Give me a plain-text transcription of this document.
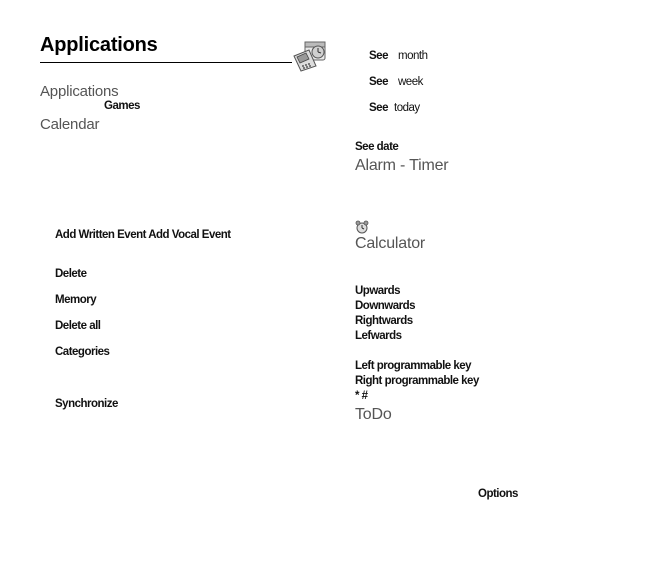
Applications
Applications
Games
Calendar
Add Written Event Add Vocal Event
Delete
Memory
Delete all
Categories
Synchronize
See month
See week
See today
See date
Alarm - Timer
Calculator
Upwards
Downwards
Rightwards
Lefwards
Left programmable key
Right programmable key
* #
ToDo
Options
